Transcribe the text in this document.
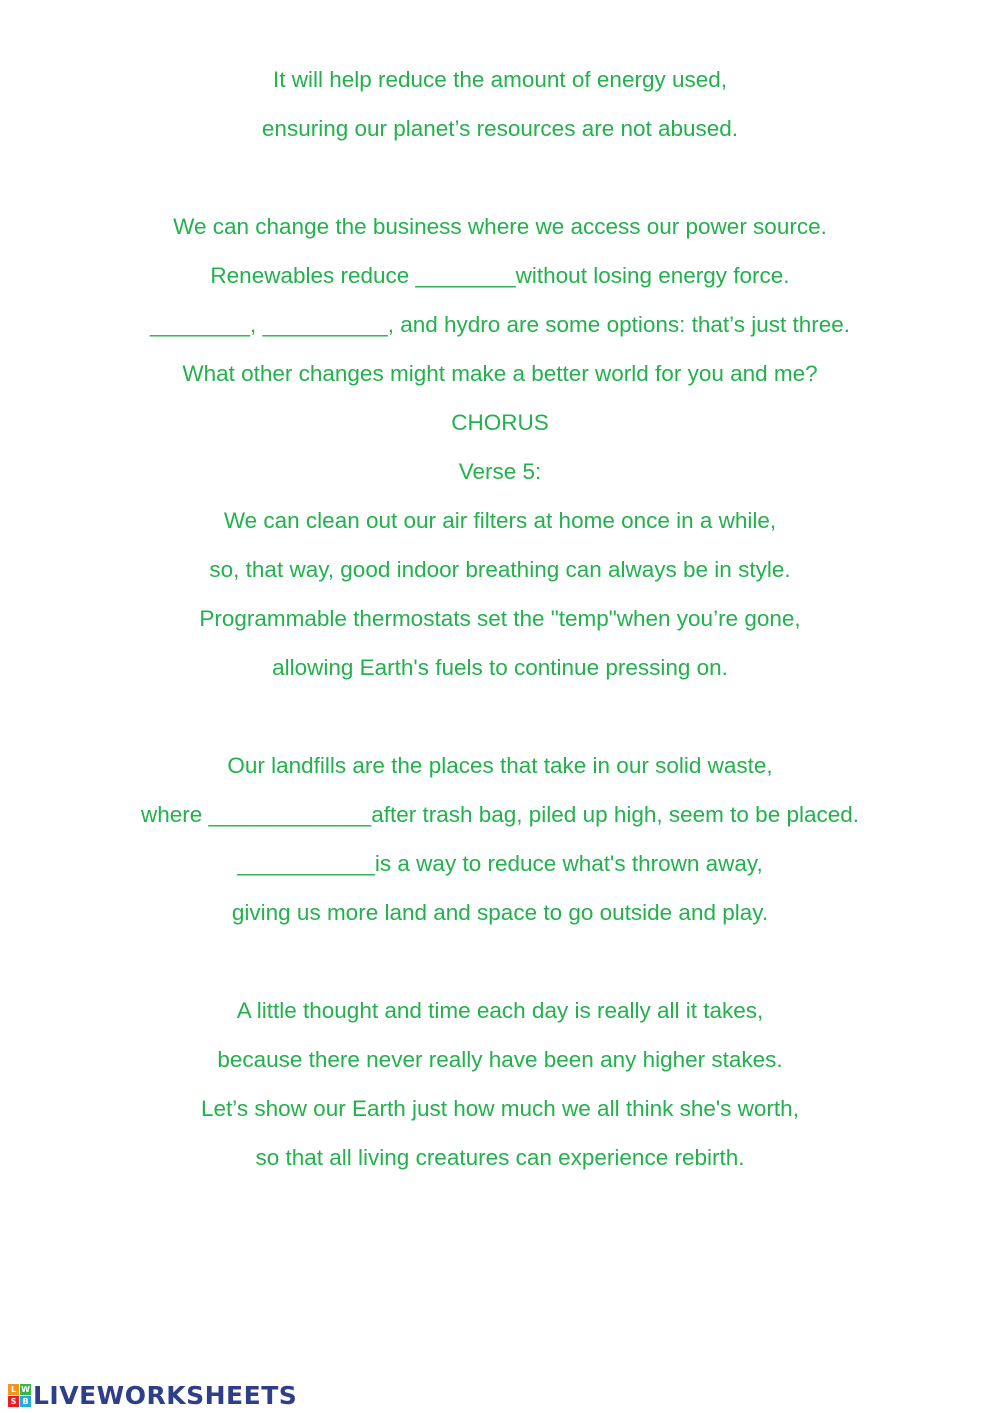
It will help reduce the amount of energy used,
ensuring our planet’s resources are not abused.
We can change the business where we access our power source.
Renewables reduce ________without losing energy force.
________, __________, and hydro are some options: that’s just three.
What other changes might make a better world for you and me?
CHORUS
Verse 5:
We can clean out our air filters at home once in a while,
so, that way, good indoor breathing can always be in style.
Programmable thermostats set the "temp"when you’re gone,
allowing Earth's fuels to continue pressing on.
Our landfills are the places that take in our solid waste,
where _____________after trash bag, piled up high, seem to be placed.
___________is a way to reduce what's thrown away,
giving us more land and space to go outside and play.
A little thought and time each day is really all it takes,
because there never really have been any higher stakes.
Let’s show our Earth just how much we all think she's worth,
so that all living creatures can experience rebirth.
L W
S B LIVEWORKSHEETS
